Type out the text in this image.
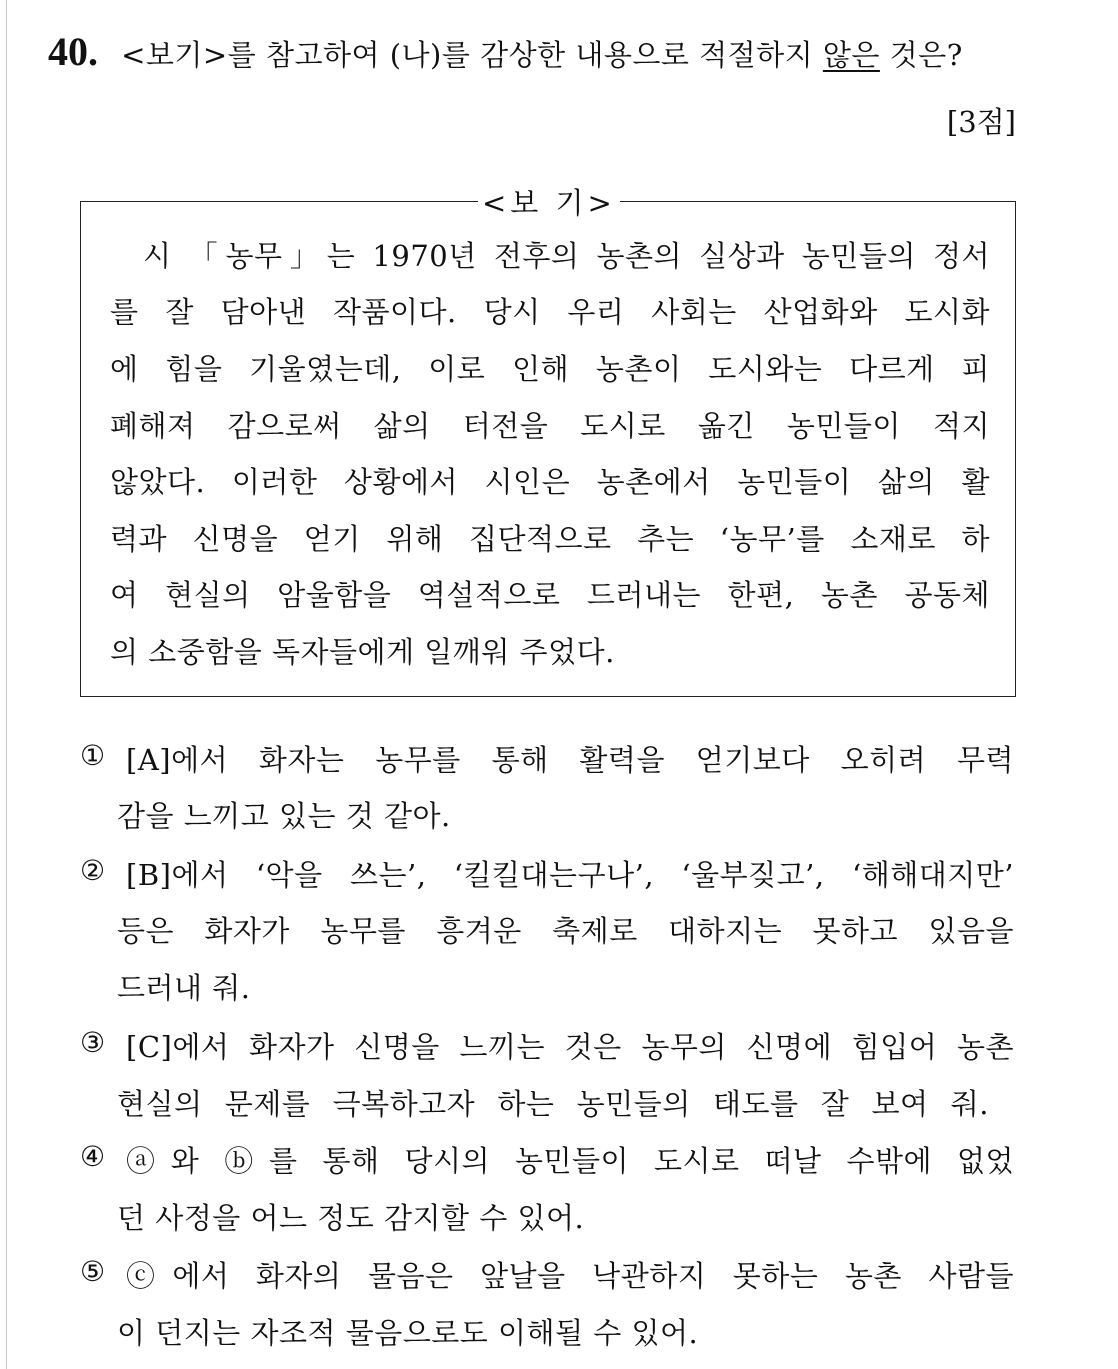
40. <보기>를 참고하여 (나)를 감상한 내용으로 적절하지 않은 것은?
[3점]
<보 기>
시 「농무」는 1970년 전후의 농촌의 실상과 농민들의 정서
를 잘 담아낸 작품이다. 당시 우리 사회는 산업화와 도시화
에 힘을 기울였는데, 이로 인해 농촌이 도시와는 다르게 피
폐해져 감으로써 삶의 터전을 도시로 옮긴 농민들이 적지
않았다. 이러한 상황에서 시인은 농촌에서 농민들이 삶의 활
력과 신명을 얻기 위해 집단적으로 추는 ‘농무’를 소재로 하
여 현실의 암울함을 역설적으로 드러내는 한편, 농촌 공동체
의 소중함을 독자들에게 일깨워 주었다.
① [A]에서 화자는 농무를 통해 활력을 얻기보다 오히려 무력
감을 느끼고 있는 것 같아.
② [B]에서 ‘악을 쓰는’, ‘킬킬대는구나’, ‘울부짖고’, ‘해해대지만’
등은 화자가 농무를 흥겨운 축제로 대하지는 못하고 있음을
드러내 줘.
③ [C]에서 화자가 신명을 느끼는 것은 농무의 신명에 힘입어 농촌
현실의 문제를 극복하고자 하는 농민들의 태도를 잘 보여 줘.
④ ⓐ와 ⓑ를 통해 당시의 농민들이 도시로 떠날 수밖에 없었
던 사정을 어느 정도 감지할 수 있어.
⑤ ⓒ에서 화자의 물음은 앞날을 낙관하지 못하는 농촌 사람들
이 던지는 자조적 물음으로도 이해될 수 있어.
